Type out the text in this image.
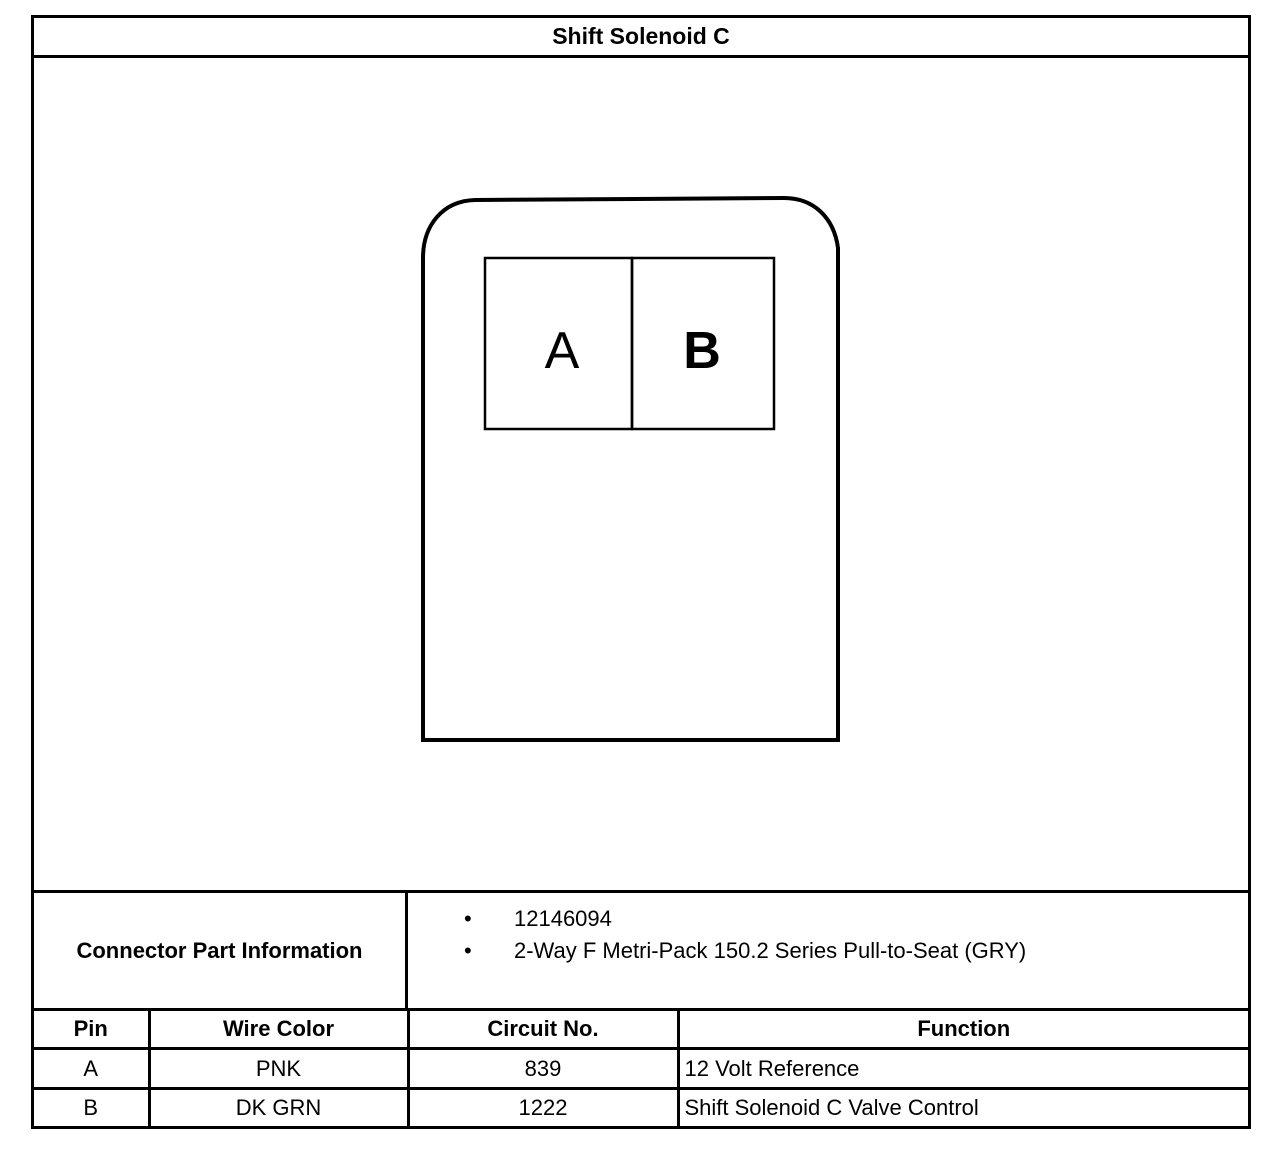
Shift Solenoid C
A B
Connector Part Information
• 12146094
• 2-Way F Metri-Pack 150.2 Series Pull-to-Seat (GRY)
Pin	Wire Color	Circuit No.	Function
A	PNK	839	12 Volt Reference
B	DK GRN	1222	Shift Solenoid C Valve Control
